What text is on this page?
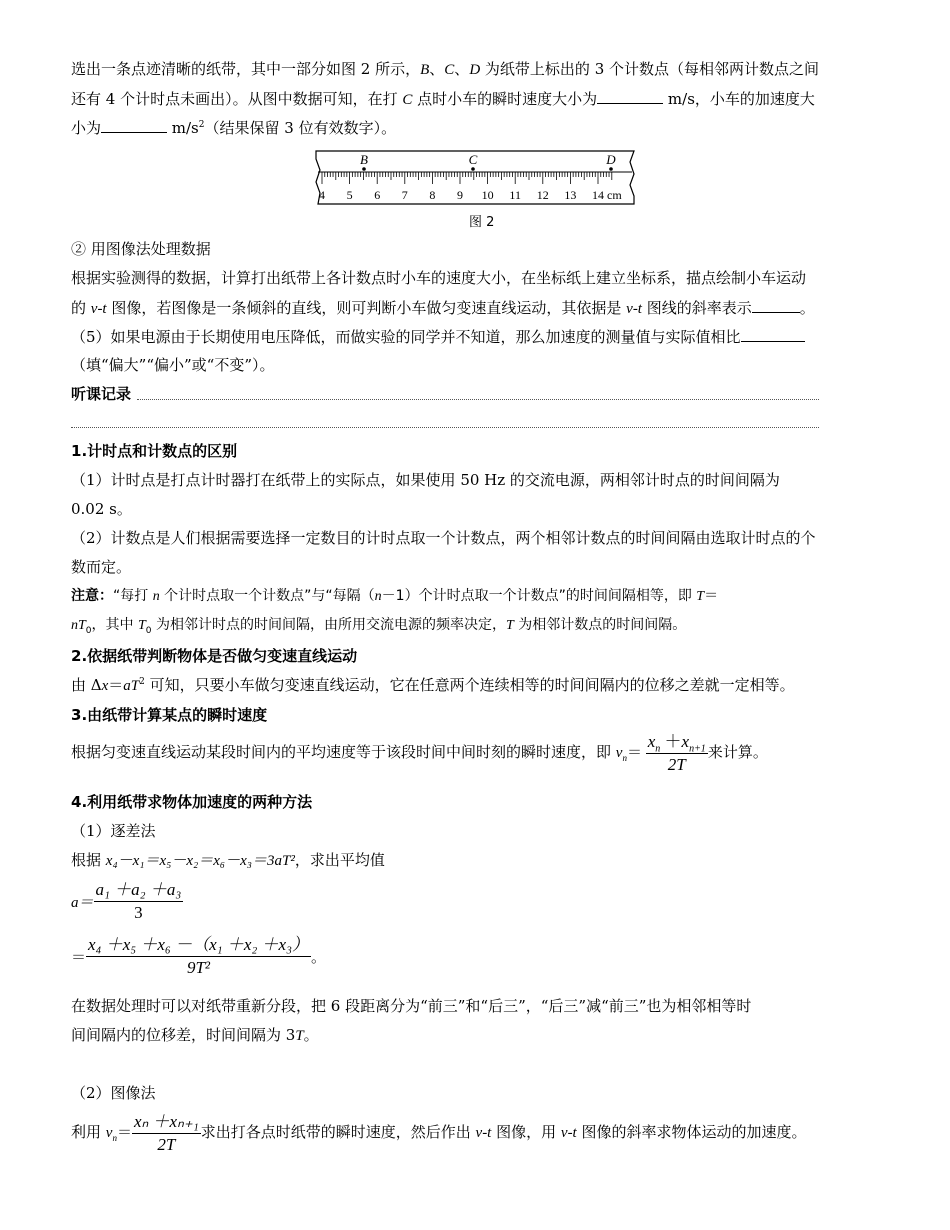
选出一条点迹清晰的纸带，其中一部分如图 2 所示，B、C、D 为纸带上标出的 3 个计数点（每相邻两计数点之间
还有 4 个计时点未画出）。从图中数据可知，在打 C 点时小车的瞬时速度大小为	m/s，小车的加速度大
小为	$m/s^2$（结果保留 3 位有效数字）。
4 5 6 7 8 9 10 11 12 13 14 cm
B	C	D
图 2
② 用图像法处理数据
根据实验测得的数据，计算打出纸带上各计数点时小车的速度大小，在坐标纸上建立坐标系，描点绘制小车运动
的 v-t 图像，若图像是一条倾斜的直线，则可判断小车做匀变速直线运动，其依据是 v-t 图线的斜率表示	。
（5）如果电源由于长期使用电压降低，而做实验的同学并不知道，那么加速度的测量值与实际值相比
（填“偏大”“偏小”或“不变”）。
听课记录
1.计时点和计数点的区别
（1）计时点是打点计时器打在纸带上的实际点，如果使用 50 Hz 的交流电源，两相邻计时点的时间间隔为
0.02 s。
（2）计数点是人们根据需要选择一定数目的计时点取一个计数点，两个相邻计数点的时间间隔由选取计时点的个
数而定。
注意：“每打 n 个计时点取一个计数点”与“每隔（n－1）个计时点取一个计数点”的时间间隔相等，即 T＝
$nT_0$，其中 $T_0$ 为相邻计时点的时间间隔，由所用交流电源的频率决定，T 为相邻计数点的时间间隔。
2.依据纸带判断物体是否做匀变速直线运动
由 $\Delta x=aT^2$ 可知，只要小车做匀变速直线运动，它在任意两个连续相等的时间间隔内的位移之差就一定相等。
3.由纸带计算某点的瞬时速度
根据匀变速直线运动某段时间内的平均速度等于该段时间中间时刻的瞬时速度，即 $v_n= \frac{x_n +x_{n+1}}{2T}$ 来计算。
4.利用纸带求物体加速度的两种方法
（1）逐差法
根据 x₄－x₁＝x₅－x₂＝x₆－x₃＝3aT²，求出平均值
$a= \frac{\text{a₁ ＋a₂ ＋a₃}}{3}$
＝ $\frac{\text{x₄ ＋x₅ ＋x₆ －（x₁ ＋x₂ ＋x₃）}}{\text{9T²}}$ 。
在数据处理时可以对纸带重新分段，把 6 段距离分为“前三”和“后三”，“后三”减“前三”也为相邻相等时
间间隔内的位移差，时间间隔为 3T。
（2）图像法
利用 $v_n= \frac{\text{xₙ ＋xₙ₊₁}}{2T}$ 求出打各点时纸带的瞬时速度，然后作出 v-t 图像，用 v-t 图像的斜率求物体运动的加速度。
